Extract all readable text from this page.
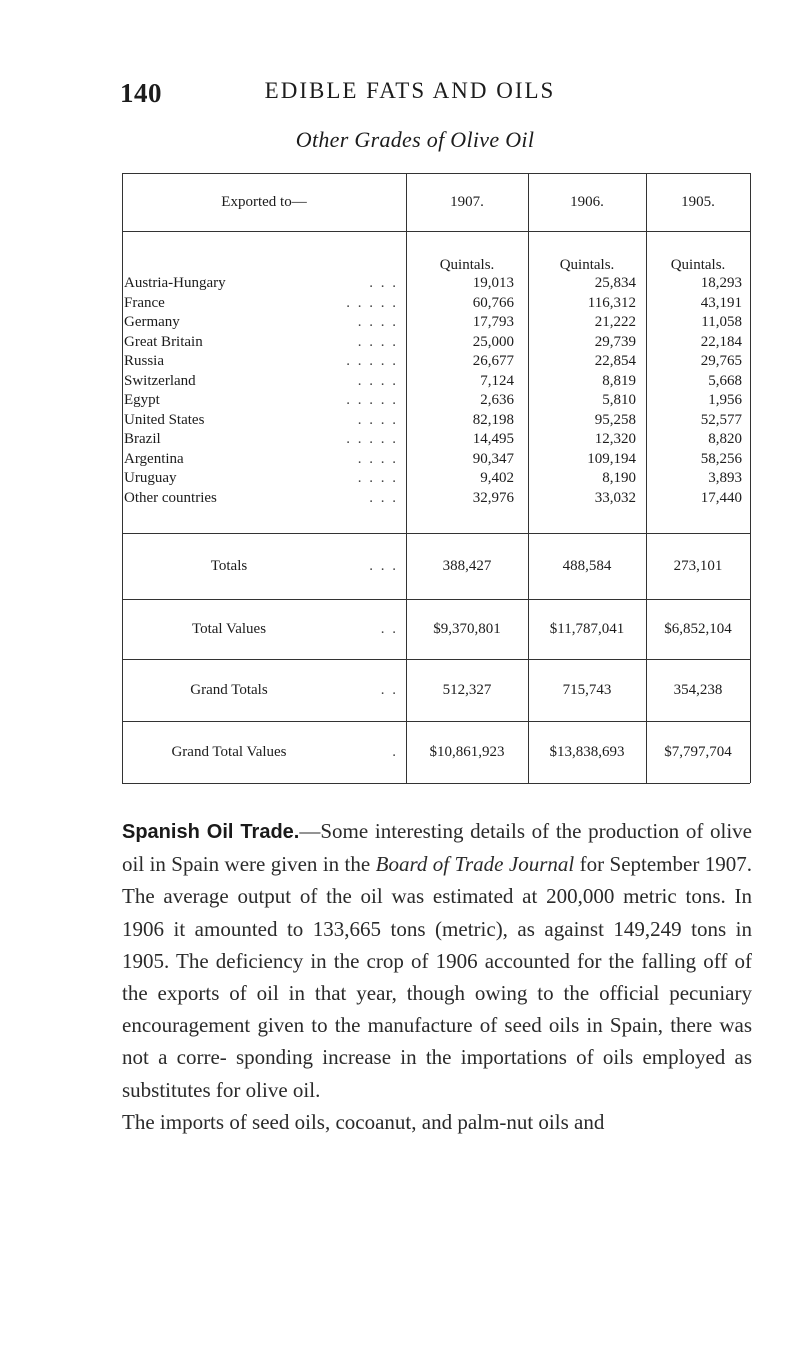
140	EDIBLE FATS AND OILS
Other Grades of Olive Oil
Exported to—	1907.	1906.	1905.
Quintals.	Quintals.	Quintals.
Austria-Hungary	. . .	19,013	25,834	18,293
France	. . . . .	60,766	116,312	43,191
Germany	. . . .	17,793	21,222	11,058
Great Britain	. . . .	25,000	29,739	22,184
Russia	. . . . .	26,677	22,854	29,765
Switzerland	. . . .	7,124	8,819	5,668
Egypt	. . . . .	2,636	5,810	1,956
United States	. . . .	82,198	95,258	52,577
Brazil	. . . . .	14,495	12,320	8,820
Argentina	. . . .	90,347	109,194	58,256
Uruguay	. . . .	9,402	8,190	3,893
Other countries	. . .	32,976	33,032	17,440
Totals	. . .	388,427	488,584	273,101
Total Values	. .	$9,370,801	$11,787,041	$6,852,104
Grand Totals	. .	512,327	715,743	354,238
Grand Total Values	.	$10,861,923	$13,838,693	$7,797,704

Spanish Oil Trade.—Some interesting details of the production of olive oil in Spain were given in the Board of Trade Journal for September 1907. The average output of the oil was estimated at 200,000 metric tons. In 1906 it amounted to 133,665 tons (metric), as against 149,249 tons in 1905. The deficiency in the crop of 1906 accounted for the falling off of the exports of oil in that year, though owing to the official pecuniary encouragement given to the manufacture of seed oils in Spain, there was not a corre- sponding increase in the importations of oils employed as substitutes for olive oil.

The imports of seed oils, cocoanut, and palm-nut oils and
